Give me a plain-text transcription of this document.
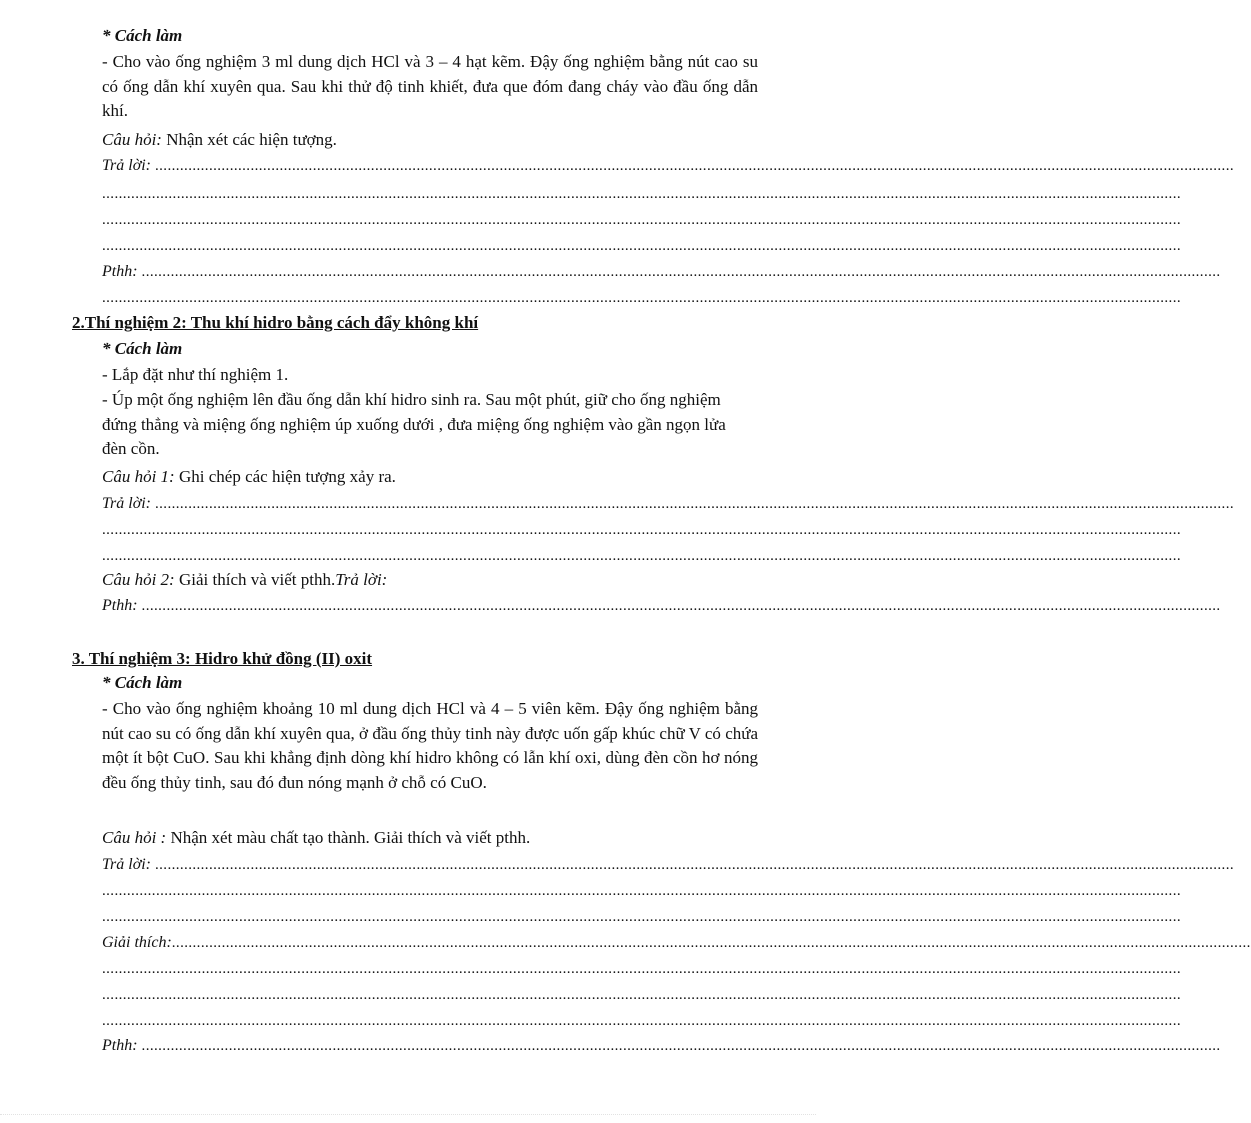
* Cách làm
- Cho vào ống nghiệm 3 ml dung dịch HCl và 3 – 4 hạt kẽm. Đậy ống nghiệm bằng nút cao su có ống dẫn khí xuyên qua. Sau khi thử độ tinh khiết, đưa que đóm đang cháy vào đầu ống dẫn khí.
Câu hỏi: Nhận xét các hiện tượng.
Trả lời: ....................................................................................................................................................................................................................................................................
....................................................................................................................................................................................................................................................................
....................................................................................................................................................................................................................................................................
....................................................................................................................................................................................................................................................................
Pthh: ....................................................................................................................................................................................................................................................................
....................................................................................................................................................................................................................................................................
2.Thí nghiệm 2: Thu khí hidro bằng cách đẩy không khí
* Cách làm
- Lắp đặt như thí nghiệm 1.
- Úp một ống nghiệm lên đầu ống dẫn khí hidro sinh ra. Sau một phút, giữ cho ống nghiệm đứng thẳng và miệng ống nghiệm úp xuống dưới , đưa miệng ống nghiệm vào gần ngọn lửa đèn cồn.
Câu hỏi 1: Ghi chép các hiện tượng xảy ra.
Trả lời: ....................................................................................................................................................................................................................................................................
....................................................................................................................................................................................................................................................................
....................................................................................................................................................................................................................................................................
Câu hỏi 2: Giải thích và viết pthh.Trả lời:
Pthh: ....................................................................................................................................................................................................................................................................
3. Thí nghiệm 3: Hidro khử đồng (II) oxit
* Cách làm
- Cho vào ống nghiệm khoảng 10 ml dung dịch HCl và 4 – 5 viên kẽm. Đậy ống nghiệm bằng nút cao su có ống dẫn khí xuyên qua, ở đầu ống thủy tinh này được uốn gấp khúc chữ V có chứa một ít bột CuO. Sau khi khẳng định dòng khí hidro không có lẫn khí oxi, dùng đèn cồn hơ nóng đều ống thủy tinh, sau đó đun nóng mạnh ở chỗ có CuO.
Câu hỏi : Nhận xét màu chất tạo thành. Giải thích và viết pthh.
Trả lời: ....................................................................................................................................................................................................................................................................
....................................................................................................................................................................................................................................................................
....................................................................................................................................................................................................................................................................
Giải thích:....................................................................................................................................................................................................................................................................
....................................................................................................................................................................................................................................................................
....................................................................................................................................................................................................................................................................
....................................................................................................................................................................................................................................................................
Pthh: ....................................................................................................................................................................................................................................................................
